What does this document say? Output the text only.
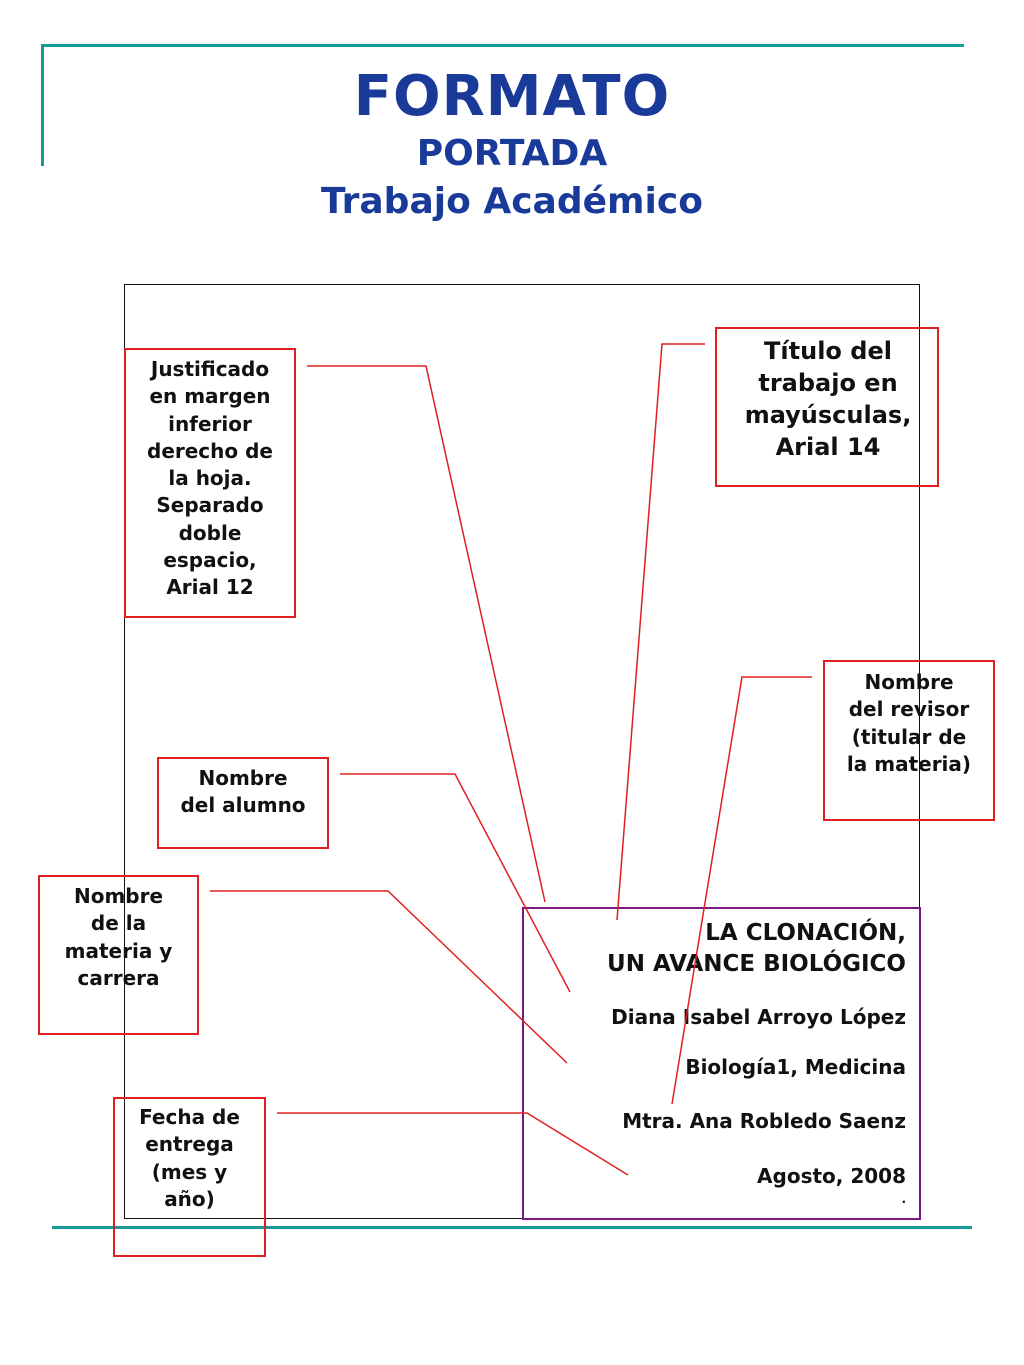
FORMATO
PORTADA
Trabajo Académico
LA CLONACIÓN,
UN AVANCE BIOLÓGICO
Diana Isabel Arroyo López
Biología1, Medicina
Mtra. Ana Robledo Saenz
Agosto, 2008
.
Justificado
en margen
inferior
derecho de
la hoja.
Separado
doble
espacio,
Arial 12
Título del
trabajo en
mayúsculas,
Arial 14
Nombre
del revisor
(titular de
la materia)
Nombre
del alumno
Nombre
de la
materia y
carrera
Fecha de
entrega
(mes y
año)
